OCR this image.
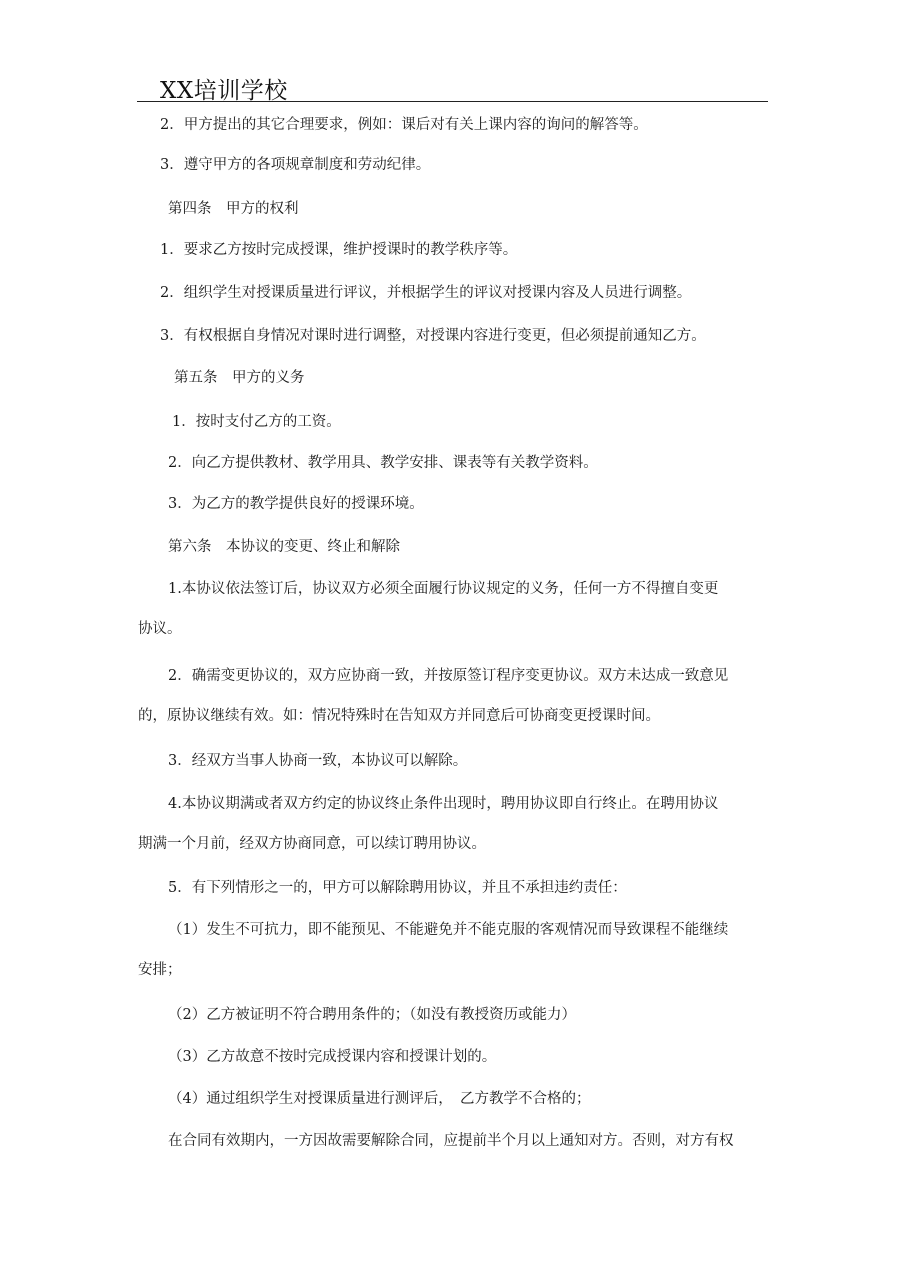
XX培训学校
2．甲方提出的其它合理要求，例如：课后对有关上课内容的询问的解答等。
3．遵守甲方的各项规章制度和劳动纪律。
第四条　甲方的权利
1．要求乙方按时完成授课，维护授课时的教学秩序等。
2．组织学生对授课质量进行评议，并根据学生的评议对授课内容及人员进行调整。
3．有权根据自身情况对课时进行调整，对授课内容进行变更，但必须提前通知乙方。
第五条　甲方的义务
1．按时支付乙方的工资。
2．向乙方提供教材、教学用具、教学安排、课表等有关教学资料。
3．为乙方的教学提供良好的授课环境。
第六条　本协议的变更、终止和解除
1.本协议依法签订后，协议双方必须全面履行协议规定的义务，任何一方不得擅自变更
协议。
2．确需变更协议的，双方应协商一致，并按原签订程序变更协议。双方未达成一致意见
的，原协议继续有效。如：情况特殊时在告知双方并同意后可协商变更授课时间。
3．经双方当事人协商一致，本协议可以解除。
4.本协议期满或者双方约定的协议终止条件出现时，聘用协议即自行终止。在聘用协议
期满一个月前，经双方协商同意，可以续订聘用协议。
5．有下列情形之一的，甲方可以解除聘用协议，并且不承担违约责任：
（1）发生不可抗力，即不能预见、不能避免并不能克服的客观情况而导致课程不能继续
安排；
（2）乙方被证明不符合聘用条件的；（如没有教授资历或能力）
（3）乙方故意不按时完成授课内容和授课计划的。
（4）通过组织学生对授课质量进行测评后，　乙方教学不合格的；
在合同有效期内，一方因故需要解除合同，应提前半个月以上通知对方。否则，对方有权
